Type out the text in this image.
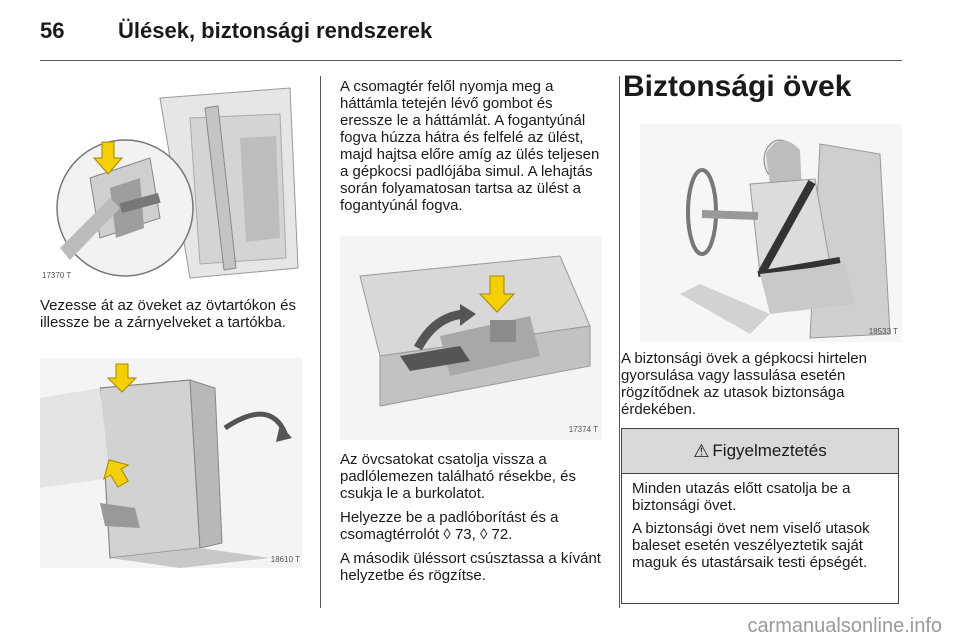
56 Ülések, biztonsági rendszerek
17370 T

Vezesse át az öveket az övtartókon és illessze be a zárnyelveket a tartókba.

18610 T

A csomagtér felől nyomja meg a háttámla tetején lévő gombot és eressze le a háttámlát. A fogantyúnál fogva húzza hátra és felfelé az ülést, majd hajtsa előre amíg az ülés teljesen a gépkocsi padlójába simul. A lehajtás során folyamatosan tartsa az ülést a fogantyúnál fogva.

17374 T

Az övcsatokat csatolja vissza a padlólemezen található résekbe, és csukja le a burkolatot.

Helyezze be a padlóborítást és a csomagtérrolót ◊ 73, ◊ 72.

A második üléssort csúsztassa a kívánt helyzetbe és rögzítse.

Biztonsági övek
18533 T

A biztonsági övek a gépkocsi hirtelen gyorsulása vagy lassulása esetén rögzítődnek az utasok biztonsága érdekében.

⚠ Figyelmeztetés

Minden utazás előtt csatolja be a biztonsági övet.

A biztonsági övet nem viselő utasok baleset esetén veszélyeztetik saját maguk és utastársaik testi épségét.

carmanualsonline.info
